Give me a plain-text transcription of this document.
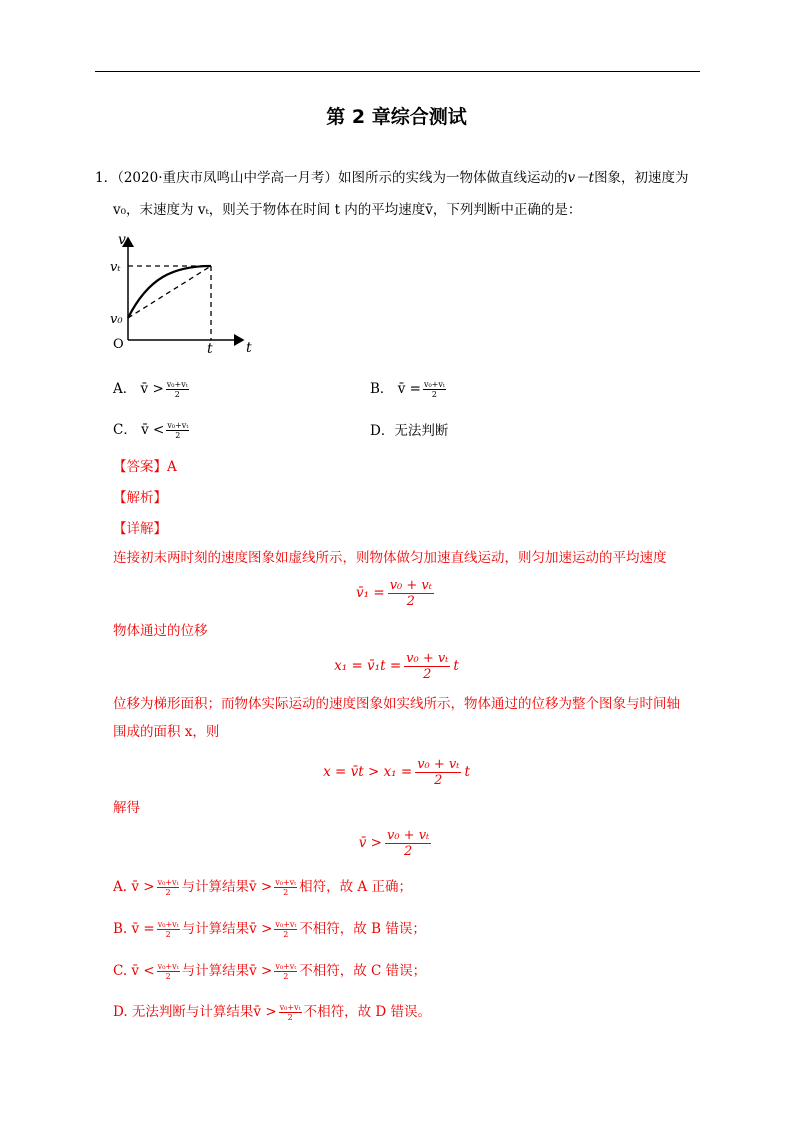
第 2 章综合测试
1．（2020·重庆市凤鸣山中学高一月考）如图所示的实线为一物体做直线运动的v－t图象，初速度为
v₀，末速度为 vₜ，则关于物体在时间 t 内的平均速度v̄，下列判断中正确的是：
v
t
vₜ
v₀
O	t
A． v̄ > $\frac{\text{v₀+vₜ}}{2}$	B． v̄ = $\frac{\text{v₀+vₜ}}{2}$
C． v̄ < $\frac{\text{v₀+vₜ}}{2}$	D．无法判断
【答案】A
【解析】
【详解】
连接初末两时刻的速度图象如虚线所示，则物体做匀加速直线运动，则匀加速运动的平均速度
v̄₁ = $\frac{\text{v₀ + vₜ}}{2}$
物体通过的位移
x₁ = v̄₁t = $\frac{\text{v₀ + vₜ}}{2}$ t
位移为梯形面积；而物体实际运动的速度图象如实线所示，物体通过的位移为整个图象与时间轴
围成的面积 x，则
x = v̄t > $x_1 = \frac{\text{v₀ + vₜ}}{2}$ t
解得
v̄ > $\frac{\text{v₀ + vₜ}}{2}$
A. v̄ > $\frac{\text{v₀+vₜ}}{2}$ 与计算结果v̄ > $\frac{\text{v₀+vₜ}}{2}$ 相符，故 A 正确；
B. v̄ = $\frac{\text{v₀+vₜ}}{2}$ 与计算结果v̄ > $\frac{\text{v₀+vₜ}}{2}$ 不相符，故 B 错误；
C. v̄ < $\frac{\text{v₀+vₜ}}{2}$ 与计算结果v̄ > $\frac{\text{v₀+vₜ}}{2}$ 不相符，故 C 错误；
D. 无法判断与计算结果v̄ > $\frac{\text{v₀+vₜ}}{2}$ 不相符，故 D 错误。
